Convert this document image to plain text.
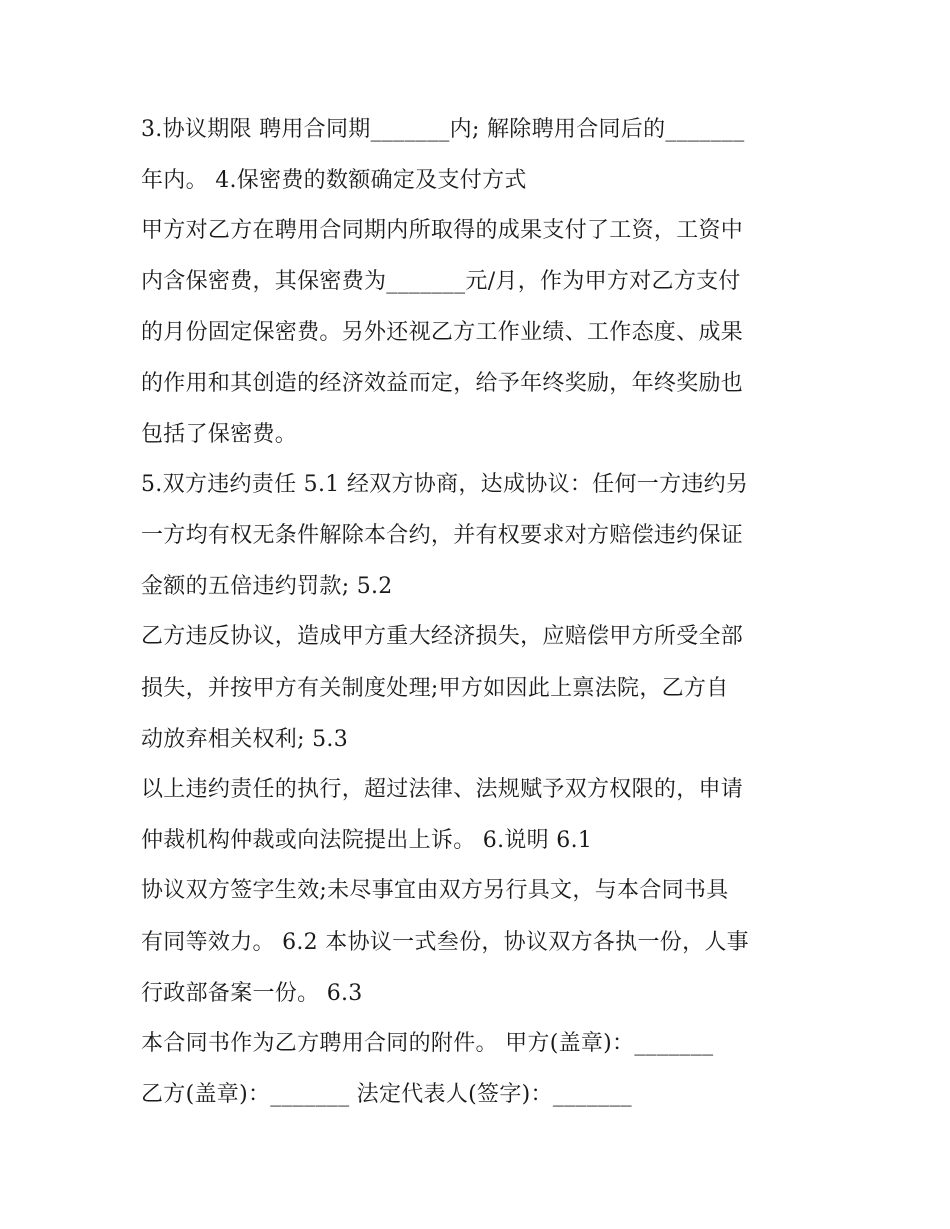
3.协议期限 聘用合同期_______内; 解除聘用合同后的_______
年内。 4.保密费的数额确定及支付方式
甲方对乙方在聘用合同期内所取得的成果支付了工资，工资中
内含保密费，其保密费为_______元/月，作为甲方对乙方支付
的月份固定保密费。另外还视乙方工作业绩、工作态度、成果
的作用和其创造的经济效益而定，给予年终奖励，年终奖励也
包括了保密费。
5.双方违约责任 5.1 经双方协商，达成协议：任何一方违约另
一方均有权无条件解除本合约，并有权要求对方赔偿违约保证
金额的五倍违约罚款; 5.2
乙方违反协议，造成甲方重大经济损失，应赔偿甲方所受全部
损失，并按甲方有关制度处理;甲方如因此上禀法院，乙方自
动放弃相关权利; 5.3
以上违约责任的执行，超过法律、法规赋予双方权限的，申请
仲裁机构仲裁或向法院提出上诉。 6.说明 6.1
协议双方签字生效;未尽事宜由双方另行具文，与本合同书具
有同等效力。 6.2 本协议一式叁份，协议双方各执一份，人事
行政部备案一份。 6.3
本合同书作为乙方聘用合同的附件。 甲方(盖章)：_______
乙方(盖章)：_______ 法定代表人(签字)：_______
